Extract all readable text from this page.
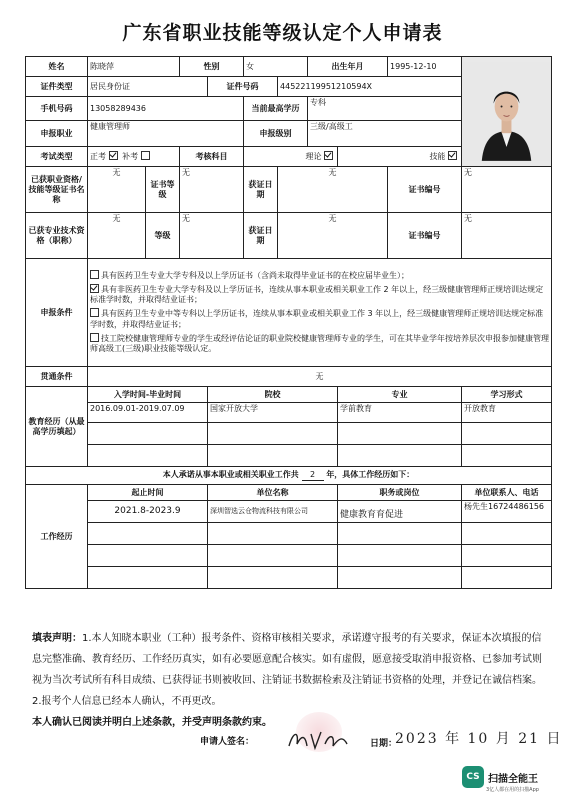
广东省职业技能等级认定个人申请表
姓名	陈晓萍		性别		女		出生年月		1995-12-10	

证件类型	居民身份证			证件号码		445221199512105​94X				
手机号码	13058289436				当前最高学历		专科			
申报职业	健康管理师				申报级别		三级/高级工			
考试类型	正考 补考		考核科目		理论			技能		
已获职业资格/技能等级证书名称	无	证书等级	无		获证日期	无			证书编号	无
已获专业技术资格（职称）	无	等级	无		获证日期	无			证书编号	无
申报条件	具有医药卫生专业大学专科及以上学历证书（含尚未取得毕业证书的在校应届毕业生）；

具有非医药卫生专业大学专科及以上学历证书，连续从事本职业或相关职业工作 2 年以上，经三级健康管理师正规培训达规定标准学时数，并取得结业证书；

具有医药卫生专业中等专科以上学历证书，连续从事本职业或相关职业工作 3 年以上，经三级健康管理师正规培训达规定标准学时数，并取得结业证书；

技工院校健康管理师专业的学生或经评估论证的职业院校健康管理师专业的学生，可在其毕业学年按培养层次申报参加健康管理师高级工(三级)职业技能等级认定。									

贯通条件	无									
教育经历（从最高学历填起）	入学时间-毕业时间			院校				专业		学习形式
	2016.09.01-2019.07.09			国家开放大学				学前教育		开放教育

本人承诺从事本职业或相关职业工作共 2 年，具体工作经历如下：										
工作经历	起止时间			单位名称				职务或岗位		单位联系人、电话
	2021.8-2023.9			深圳智选云仓物流科技有限公司				健康教育育促进		杨先生16724486156

填表声明：1.本人知晓本职业（工种）报考条件、资格审核相关要求，承诺遵守报考的有关要求，保证本次填报的信息完整准确、教育经历、工作经历真实，如有必要愿意配合核实。如有虚假，愿意接受取消申报资格、已参加考试则视为当次考试所有科目成绩、已获得证书则被收回、注销证书数据检索及注销证书资格的处理，并登记在诚信档案。2.报考个人信息已经本人确认，不再更改。
本人确认已阅读并明白上述条款，并受声明条款约束。
申请人签名：	日期：
2023 年 10 月 21 日
CS 扫描全能王
3亿人都在用的扫描App
